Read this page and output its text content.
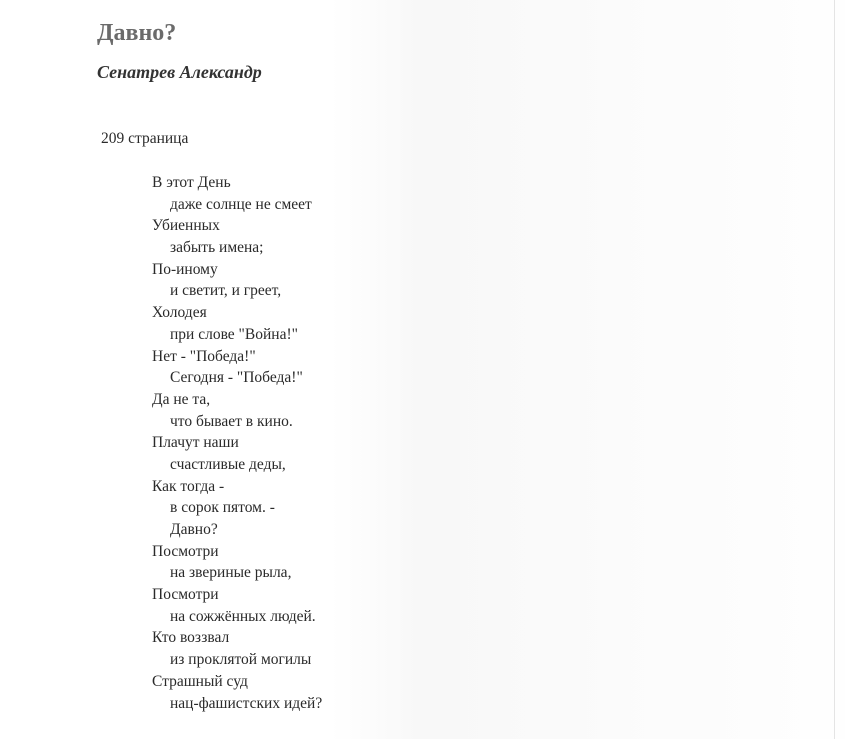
Давно?
Сенатрев Александр
209 страница
В этот День
даже солнце не смеет
Убиенных
забыть имена;
По-иному
и светит, и греет,
Холодея
при слове "Война!"
Нет - "Победа!"
Сегодня - "Победа!"
Да не та,
что бывает в кино.
Плачут наши
счастливые деды,
Как тогда -
в сорок пятом. -
Давно?
Посмотри
на звериные рыла,
Посмотри
на сожжённых людей.
Кто воззвал
из проклятой могилы
Страшный суд
нац-фашистских идей?
